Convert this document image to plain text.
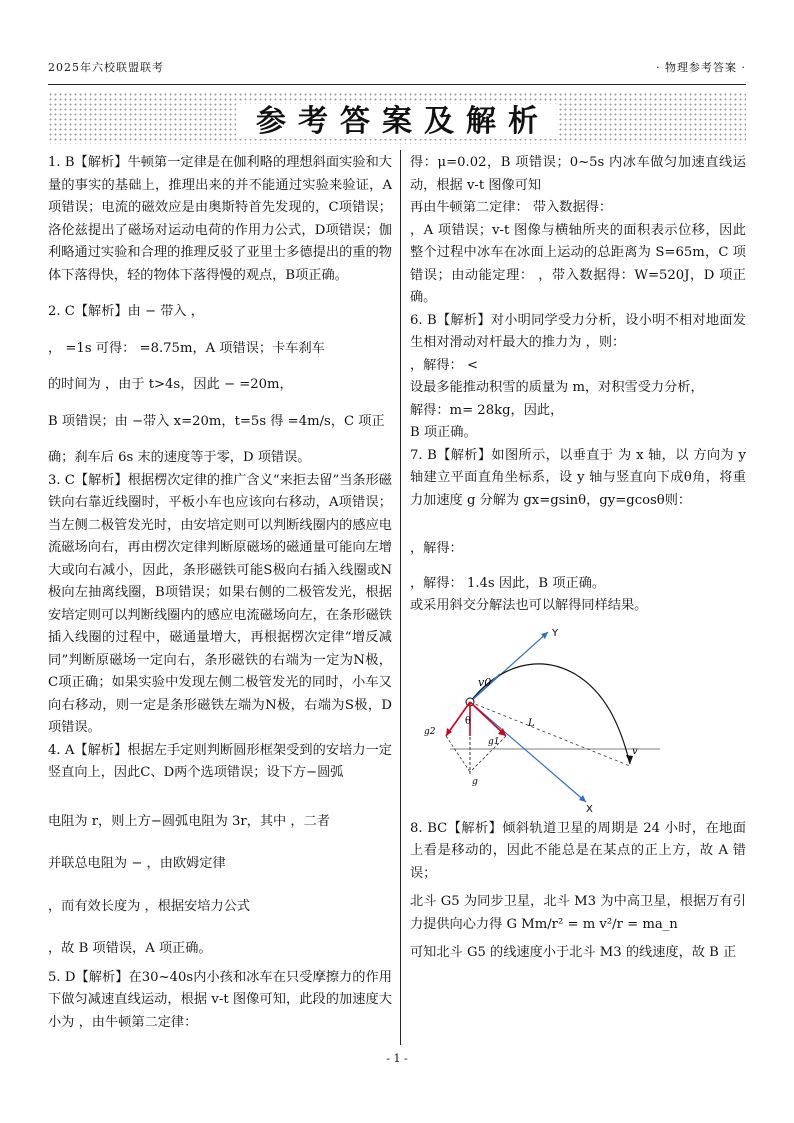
2025年六校联盟联考	· 物理参考答案 ·
参考答案及解析
1. B【解析】牛顿第一定律是在伽利略的理想斜面实验和大量的事实的基础上，推理出来的并不能通过实验来验证，A项错误；电流的磁效应是由奥斯特首先发现的，C项错误；洛伦兹提出了磁场对运动电荷的作用力公式，D项错误；伽利略通过实验和合理的推理反驳了亚里士多德提出的重的物体下落得快，轻的物体下落得慢的观点，B项正确。
2. C【解析】由 − 带入 ，
， =1s 可得： =8.75m，A 项错误；卡车刹车
的时间为 ，由于 t>4s，因此 − =20m，
B 项错误；由 −带入 x=20m，t=5s 得 =4m/s，C 项正
确；刹车后 6s 末的速度等于零，D 项错误。
3. C【解析】根据楞次定律的推广含义“来拒去留”当条形磁铁向右靠近线圈时，平板小车也应该向右移动，A项错误；当左侧二极管发光时，由安培定则可以判断线圈内的感应电流磁场向右，再由楞次定律判断原磁场的磁通量可能向左增大或向右减小，因此，条形磁铁可能S极向右插入线圈或N极向左抽离线圈，B项错误；如果右侧的二极管发光，根据安培定则可以判断线圈内的感应电流磁场向左，在条形磁铁插入线圈的过程中，磁通量增大，再根据楞次定律“增反减同”判断原磁场一定向右，条形磁铁的右端为一定为N极，C项正确；如果实验中发现左侧二极管发光的同时，小车又向右移动，则一定是条形磁铁左端为N极，右端为S极，D项错误。
4. A【解析】根据左手定则判断圆形框架受到的安培力一定竖直向上，因此C、D两个选项错误；设下方−圆弧
电阻为 r，则上方−圆弧电阻为 3r，其中 ，二者
并联总电阻为 − ，由欧姆定律
，而有效长度为 ，根据安培力公式
，故 B 项错误，A 项正确。
5. D【解析】在30~40s内小孩和冰车在只受摩擦力的作用下做匀减速直线运动，根据 v-t 图像可知，此段的加速度大小为 ，由牛顿第二定律：
得：μ=0.02，B 项错误；0~5s 内冰车做匀加速直线运动，根据 v-t 图像可知
再由牛顿第二定律： 带入数据得：
，A 项错误；v-t 图像与横轴所夹的面积表示位移，因此整个过程中冰车在冰面上运动的总距离为 S=65m，C 项错误；由动能定理： ，带入数据得：W=520J，D 项正确。
6. B【解析】对小明同学受力分析，设小明不相对地面发生相对滑动对杆最大的推力为 ，则：
，解得： <
设最多能推动积雪的质量为 m，对积雪受力分析，
解得：m= 28kg，因此，
B 项正确。
7. B【解析】如图所示，以垂直于 为 x 轴，以 方向为 y 轴建立平面直角坐标系，设 y 轴与竖直向下成θ角，将重力加速度 g 分解为 gx=gsinθ，gy=gcosθ则：
，解得：
，解得： 1.4s 因此，B 项正确。
或采用斜交分解法也可以解得同样结果。
Y
X
v0
θ	L
g1
g2
g
v
8. BC【解析】倾斜轨道卫星的周期是 24 小时，在地面上看是移动的，因此不能总是在某点的正上方，故 A 错误；
北斗 G5 为同步卫星，北斗 M3 为中高卫星，根据万有引力提供向心力得 G Mm/r² = m v²/r = ma_n
可知北斗 G5 的线速度小于北斗 M3 的线速度，故 B 正
- 1 -
